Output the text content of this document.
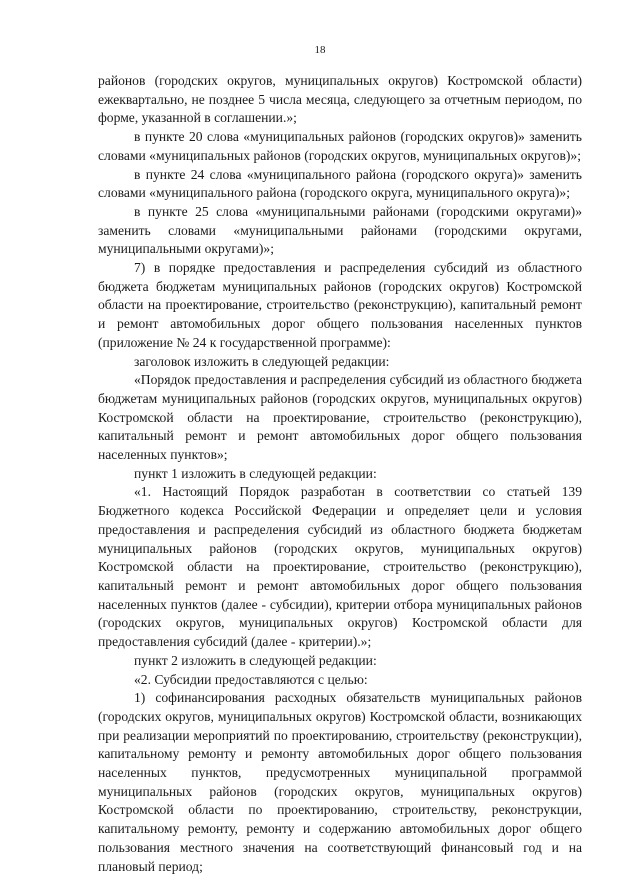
18

районов (городских округов, муниципальных округов) Костромской области) ежеквартально, не позднее 5 числа месяца, следующего за отчетным периодом, по форме, указанной в соглашении.»;

в пункте 20 слова «муниципальных районов (городских округов)» заменить словами «муниципальных районов (городских округов, муниципальных округов)»;

в пункте 24 слова «муниципального района (городского округа)» заменить словами «муниципального района (городского округа, муниципального округа)»;

в пункте 25 слова «муниципальными районами (городскими округами)» заменить словами «муниципальными районами (городскими округами, муниципальными округами)»;

7) в порядке предоставления и распределения субсидий из областного бюджета бюджетам муниципальных районов (городских округов) Костромской области на проектирование, строительство (реконструкцию), капитальный ремонт и ремонт автомобильных дорог общего пользования населенных пунктов (приложение № 24 к государственной программе):

заголовок изложить в следующей редакции:

«Порядок предоставления и распределения субсидий из областного бюджета бюджетам муниципальных районов (городских округов, муниципальных округов) Костромской области на проектирование, строительство (реконструкцию), капитальный ремонт и ремонт автомобильных дорог общего пользования населенных пунктов»;

пункт 1 изложить в следующей редакции:

«1. Настоящий Порядок разработан в соответствии со статьей 139 Бюджетного кодекса Российской Федерации и определяет цели и условия предоставления и распределения субсидий из областного бюджета бюджетам муниципальных районов (городских округов, муниципальных округов) Костромской области на проектирование, строительство (реконструкцию), капитальный ремонт и ремонт автомобильных дорог общего пользования населенных пунктов (далее - субсидии), критерии отбора муниципальных районов (городских округов, муниципальных округов) Костромской области для предоставления субсидий (далее - критерии).»;

пункт 2 изложить в следующей редакции:

«2. Субсидии предоставляются с целью:

1) софинансирования расходных обязательств муниципальных районов (городских округов, муниципальных округов) Костромской области, возникающих при реализации мероприятий по проектированию, строительству (реконструкции), капитальному ремонту и ремонту автомобильных дорог общего пользования населенных пунктов, предусмотренных муниципальной программой муниципальных районов (городских округов, муниципальных округов) Костромской области по проектированию, строительству, реконструкции, капитальному ремонту, ремонту и содержанию автомобильных дорог общего пользования местного значения на соответствующий финансовый год и на плановый период;
